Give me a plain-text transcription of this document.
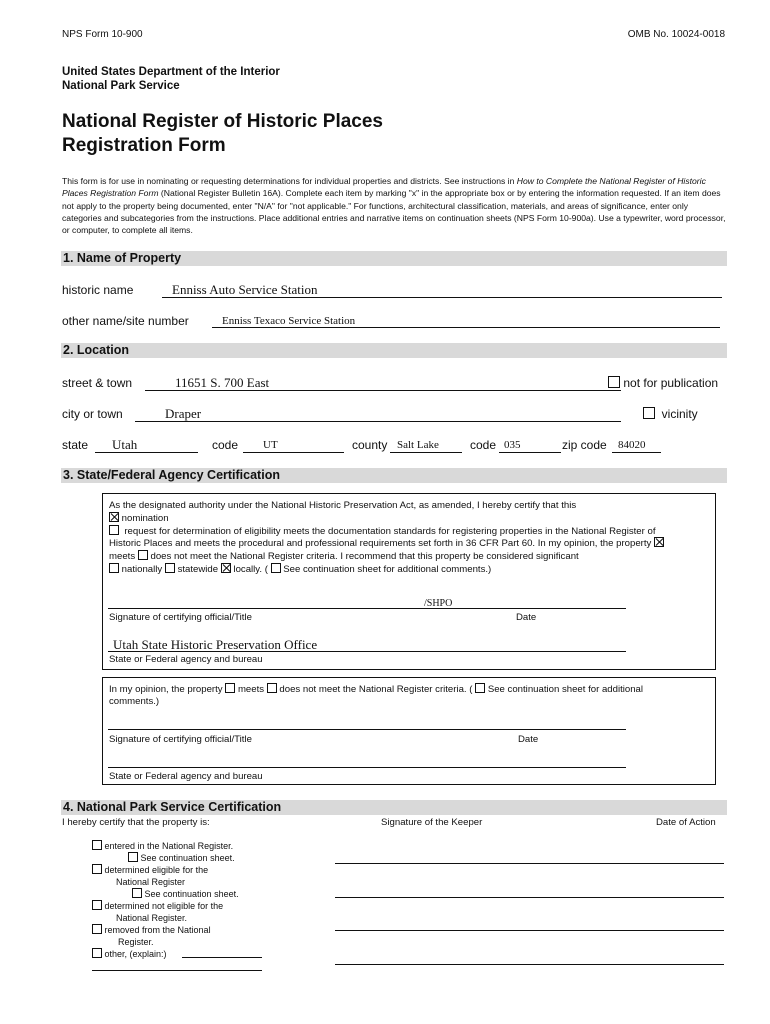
NPS Form 10-900	OMB No. 10024-0018
United States Department of the Interior
National Park Service
National Register of Historic Places
Registration Form
This form is for use in nominating or requesting determinations for individual properties and districts. See instructions in How to Complete the National Register of Historic Places Registration Form (National Register Bulletin 16A). Complete each item by marking "x" in the appropriate box or by entering the information requested. If an item does not apply to the property being documented, enter "N/A" for "not applicable." For functions, architectural classification, materials, and areas of significance, enter only categories and subcategories from the instructions. Place additional entries and narrative items on continuation sheets (NPS Form 10-900a). Use a typewriter, word processor, or computer, to complete all items.
1. Name of Property
historic name	Enniss Auto Service Station
other name/site number	Enniss Texaco Service Station
2. Location
street & town	11651 S. 700 East	not for publication
city or town	Draper	vicinity
state Utah	code UT	county Salt Lake	code 035	zip code 84020
3. State/Federal Agency Certification
As the designated authority under the National Historic Preservation Act, as amended, I hereby certify that this
nomination
request for determination of eligibility meets the documentation standards for registering properties in the National Register of Historic Places and meets the procedural and professional requirements set forth in 36 CFR Part 60. In my opinion, the property  meets does not meet the National Register criteria. I recommend that this property be considered significant
nationally statewide locally. ( See continuation sheet for additional comments.)
/SHPO
Signature of certifying official/Title	Date
Utah State Historic Preservation Office
State or Federal agency and bureau
In my opinion, the property meets does not meet the National Register criteria. ( See continuation sheet for additional comments.)
Signature of certifying official/Title	Date
State or Federal agency and bureau
4. National Park Service Certification
I hereby certify that the property is:	Signature of the Keeper	Date of Action
entered in the National Register.
See continuation sheet.
determined eligible for the
National Register
See continuation sheet.
determined not eligible for the
National Register.
removed from the National
Register.
other, (explain:)
